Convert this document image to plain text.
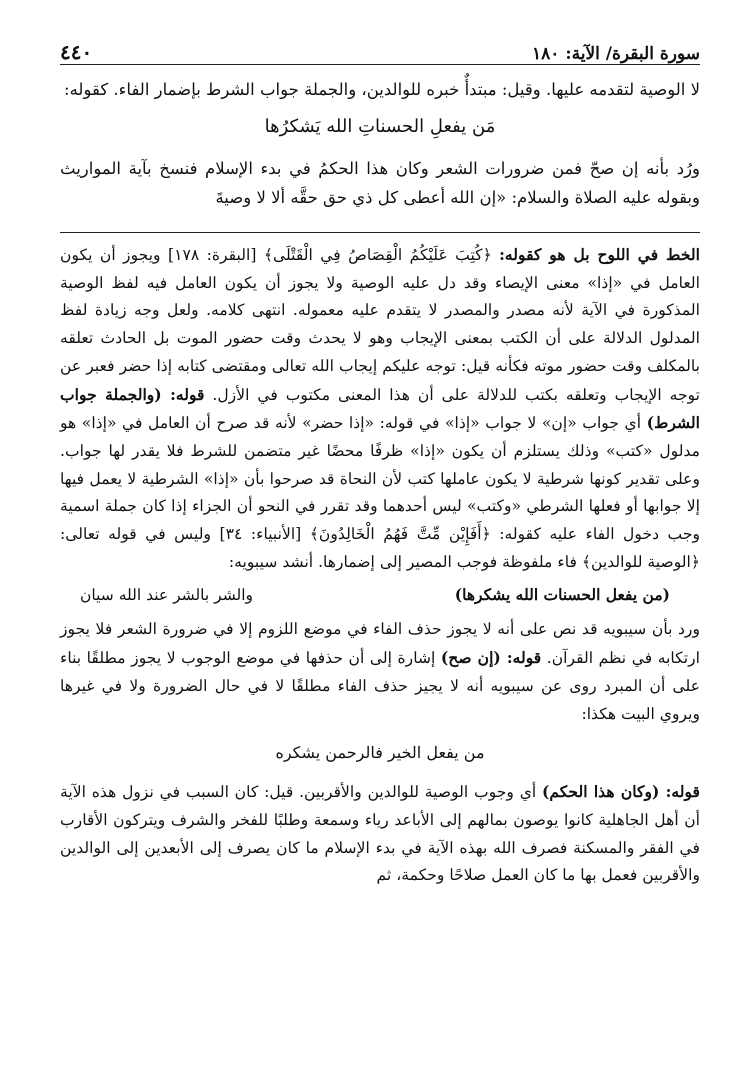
سورة البقرة/ الآية: ١٨٠
٤٤٠

لا الوصية لتقدمه عليها. وقيل: مبتدأٌ خبره للوالدين، والجملة جواب الشرط بإضمار الفاء. كقوله:

مَن يفعلِ الحسناتِ الله يَشكرُها

ورُد بأنه إن صحّ فمن ضرورات الشعر وكان هذا الحكمُ في بدء الإسلام فنسخ بآية المواريث وبقوله عليه الصلاة والسلام: «إن الله أعطى كل ذي حق حقَّه ألا لا وصيةَ

الخط في اللوح بل هو كقوله: ﴿كُتِبَ عَلَيْكُمُ الْقِصَاصُ فِي الْقَتْلَى﴾ [البقرة: ١٧٨] ويجوز أن يكون العامل في «إذا» معنى الإيصاء وقد دل عليه الوصية ولا يجوز أن يكون العامل فيه لفظ الوصية المذكورة في الآية لأنه مصدر والمصدر لا يتقدم عليه معموله. انتهى كلامه. ولعل وجه زيادة لفظ المدلول الدلالة على أن الكتب بمعنى الإيجاب وهو لا يحدث وقت حضور الموت بل الحادث تعلقه بالمكلف وقت حضور موته فكأنه قيل: توجه عليكم إيجاب الله تعالى ومقتضى كتابه إذا حضر فعبر عن توجه الإيجاب وتعلقه بكتب للدلالة على أن هذا المعنى مكتوب في الأزل. قوله: (والجملة جواب الشرط) أي جواب «إن» لا جواب «إذا» في قوله: «إذا حضر» لأنه قد صرح أن العامل في «إذا» هو مدلول «كتب» وذلك يستلزم أن يكون «إذا» ظرفًا محضًا غير متضمن للشرط فلا يقدر لها جواب. وعلى تقدير كونها شرطية لا يكون عاملها كتب لأن النحاة قد صرحوا بأن «إذا» الشرطية لا يعمل فيها إلا جوابها أو فعلها الشرطي «وكتب» ليس أحدهما وقد تقرر في النحو أن الجزاء إذا كان جملة اسمية وجب دخول الفاء عليه كقوله: ﴿أَفَإِيْن مِّتَّ فَهُمُ الْخَالِدُونَ﴾ [الأنبياء: ٣٤] وليس في قوله تعالى: ﴿الوصية للوالدين﴾ فاء ملفوظة فوجب المصير إلى إضمارها. أنشد سيبويه:

(من يفعل الحسنات الله يشكرها)
والشر بالشر عند الله سيان

ورد بأن سيبويه قد نص على أنه لا يجوز حذف الفاء في موضع اللزوم إلا في ضرورة الشعر فلا يجوز ارتكابه في نظم القرآن. قوله: (إن صح) إشارة إلى أن حذفها في موضع الوجوب لا يجوز مطلقًا بناء على أن المبرد روى عن سيبويه أنه لا يجيز حذف الفاء مطلقًا لا في حال الضرورة ولا في غيرها ويروي البيت هكذا:

من يفعل الخير فالرحمن يشكره

قوله: (وكان هذا الحكم) أي وجوب الوصية للوالدين والأقربين. قيل: كان السبب في نزول هذه الآية أن أهل الجاهلية كانوا يوصون بمالهم إلى الأباعد رياء وسمعة وطلبًا للفخر والشرف ويتركون الأقارب في الفقر والمسكنة فصرف الله بهذه الآية في بدء الإسلام ما كان يصرف إلى الأبعدين إلى الوالدين والأقربين فعمل بها ما كان العمل صلاحًا وحكمة، ثم
